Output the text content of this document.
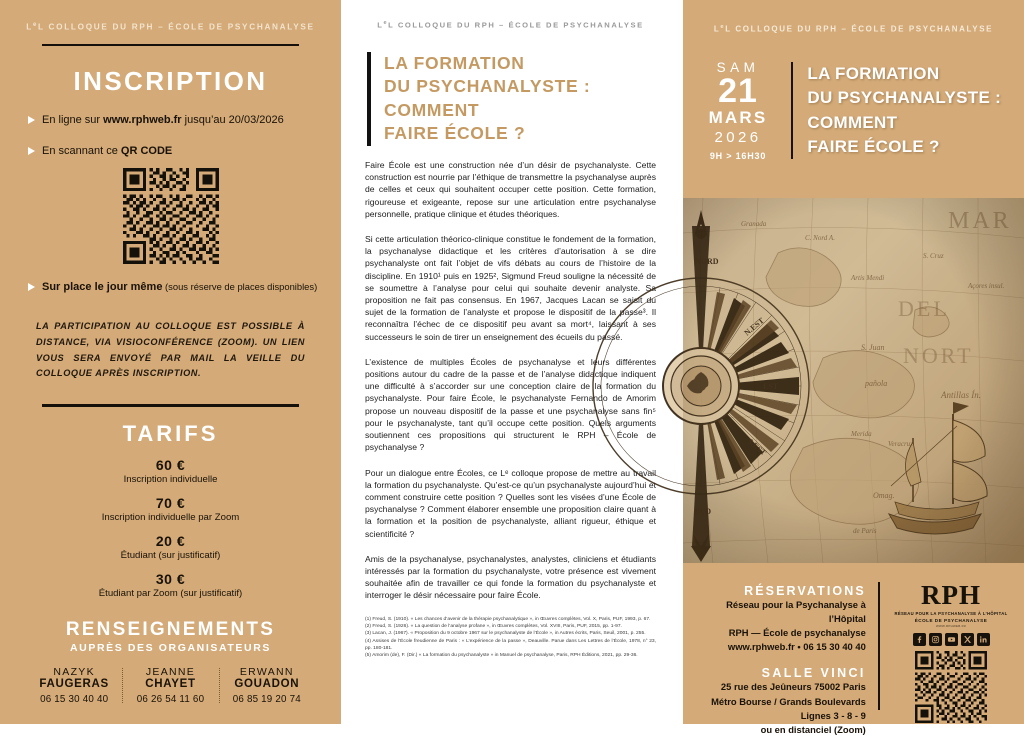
LeL COLLOQUE DU RPH – ÉCOLE DE PSYCHANALYSE
INSCRIPTION
En ligne sur www.rphweb.fr jusqu’au 20/03/2026
En scannant ce QR CODE
Sur place le jour même (sous réserve de places disponibles)
LA PARTICIPATION AU COLLOQUE EST POSSIBLE À DISTANCE, VIA VISIOCONFÉRENCE (ZOOM). UN LIEN VOUS SERA ENVOYÉ PAR MAIL LA VEILLE DU COLLOQUE APRÈS INSCRIPTION.
TARIFS
60 €
Inscription individuelle
70 €
Inscription individuelle par Zoom
20 €
Étudiant (sur justificatif)
30 €
Étudiant par Zoom (sur justificatif)
RENSEIGNEMENTS
AUPRÈS DES ORGANISATEURS
NAZYK
FAUGERAS
06 15 30 40 40
JEANNE
CHAYET
06 26 54 11 60
ERWANN
GOUADON
06 85 19 20 74
LeL COLLOQUE DU RPH – ÉCOLE DE PSYCHANALYSE
LA FORMATION
DU PSYCHANALYSTE :
COMMENT
FAIRE ÉCOLE ?

Faire École est une construction née d’un désir de psychanalyste. Cette construction est nourrie par l’éthique de transmettre la psychanalyse auprès de celles et ceux qui souhaitent occuper cette position. Cette formation, rigoureuse et exigeante, repose sur une articulation entre psychanalyse personnelle, pratique clinique et études théoriques.

Si cette articulation théorico-clinique constitue le fondement de la formation, la psychanalyse didactique et les critères d’autorisation à se dire psychanalyste ont fait l’objet de vifs débats au cours de l’histoire de la discipline. En 1910¹ puis en 1925², Sigmund Freud souligne la nécessité de se soumettre à l’analyse pour celui qui souhaite devenir analyste. Sa proposition ne fait pas consensus. En 1967, Jacques Lacan se saisit du sujet de la formation de l’analyste et propose le dispositif de la passe³. Il reconnaîtra l’échec de ce dispositif peu avant sa mort⁴, laissant à ses successeurs le soin de tirer un enseignement des écueils du passé.

L’existence de multiples Écoles de psychanalyse et leurs différentes positions autour du cadre de la passe et de l’analyse didactique indiquent une difficulté à s’accorder sur une conception claire de la formation du psychanalyste. Pour faire École, le psychanalyste Fernando de Amorim propose un nouveau dispositif de la passe et une psychanalyse sans fin⁵ pour le psychanalyste, tant qu’il occupe cette position. Quels arguments soutiennent ces propositions qui structurent le RPH – École de psychanalyse ?

Pour un dialogue entre Écoles, ce Lᵉ colloque propose de mettre au travail la formation du psychanalyste. Qu’est-ce qu’un psychanalyste aujourd’hui et comment construire cette position ? Quelles sont les visées d’une École de psychanalyse ? Comment élaborer ensemble une proposition claire quant à la formation et la position de psychanalyste, alliant rigueur, éthique et scientificité ?

Amis de la psychanalyse, psychanalystes, analystes, cliniciens et étudiants intéressés par la formation du psychanalyste, votre présence est vivement souhaitée afin de travailler ce qui fonde la formation du psychanalyste et interroger le désir nécessaire pour faire École.

(1) Freud, S. (1910). « Les chances d’avenir de la thérapie psychanalytique », in Œuvres complètes, Vol. X, Paris, PUF, 1993, p. 67.
(2) Freud, S. (1926). « La question de l’analyse profane », in Œuvres complètes, Vol. XVIII, Paris, PUF, 2015, pp. 1-97.
(3) Lacan, J. (1967). « Proposition du 9 octobre 1967 sur le psychanalyste de l’École », in Autres écrits, Paris, Seuil, 2001, p. 255.
(4) Assises de l’École freudienne de Paris : « L’expérience de la passe », Deauville. Parue dans Les Lettres de l’École, 1978, n° 23, pp. 180-181.
(5) Amorim (de), F. (Dir.) « La formation du psychanalyste » in Manuel de psychanalyse, Paris, RPH Éditions, 2021, pp. 29-36.
LeL COLLOQUE DU RPH – ÉCOLE DE PSYCHANALYSE
SAM
21
MARS
2026
9H > 16H30
LA FORMATION
DU PSYCHANALYSTE :
COMMENT
FAIRE ÉCOLE ?
RÉSERVATIONS
Réseau pour la Psychanalyse à l’Hôpital
RPH — École de psychanalyse
www.rphweb.fr • 06 15 30 40 40
SALLE VINCI
25 rue des Jeûneurs 75002 Paris
Métro Bourse / Grands Boulevards
Lignes 3 - 8 - 9
ou en distanciel (Zoom)
RPH
RÉSEAU POUR LA PSYCHANALYSE À L’HÔPITAL
ÉCOLE DE PSYCHANALYSE
WWW.RPHWEB.FR
